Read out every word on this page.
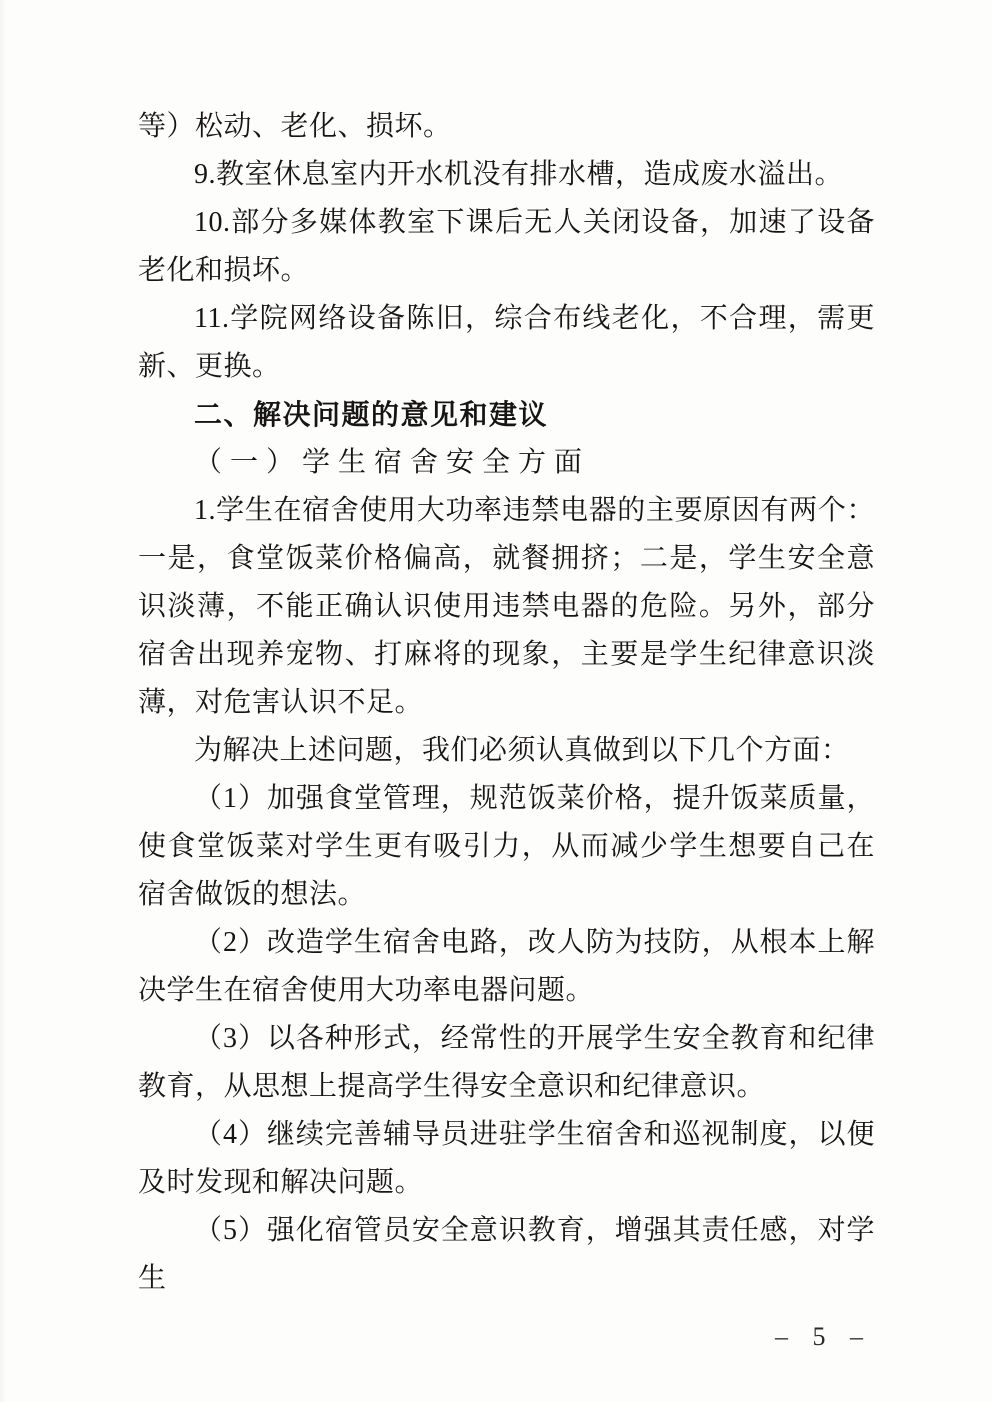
等）松动、老化、损坏。

9.教室休息室内开水机没有排水槽，造成废水溢出。

10.部分多媒体教室下课后无人关闭设备，加速了设备老化和损坏。

11.学院网络设备陈旧，综合布线老化，不合理，需更新、更换。

二、解决问题的意见和建议

（一）学生宿舍安全方面

1.学生在宿舍使用大功率违禁电器的主要原因有两个：一是，食堂饭菜价格偏高，就餐拥挤；二是，学生安全意识淡薄，不能正确认识使用违禁电器的危险。另外，部分宿舍出现养宠物、打麻将的现象，主要是学生纪律意识淡薄，对危害认识不足。

为解决上述问题，我们必须认真做到以下几个方面：

（1）加强食堂管理，规范饭菜价格，提升饭菜质量，使食堂饭菜对学生更有吸引力，从而减少学生想要自己在宿舍做饭的想法。

（2）改造学生宿舍电路，改人防为技防，从根本上解决学生在宿舍使用大功率电器问题。

（3）以各种形式，经常性的开展学生安全教育和纪律教育，从思想上提高学生得安全意识和纪律意识。

（4）继续完善辅导员进驻学生宿舍和巡视制度，以便及时发现和解决问题。

（5）强化宿管员安全意识教育，增强其责任感，对学生

– 5 –
